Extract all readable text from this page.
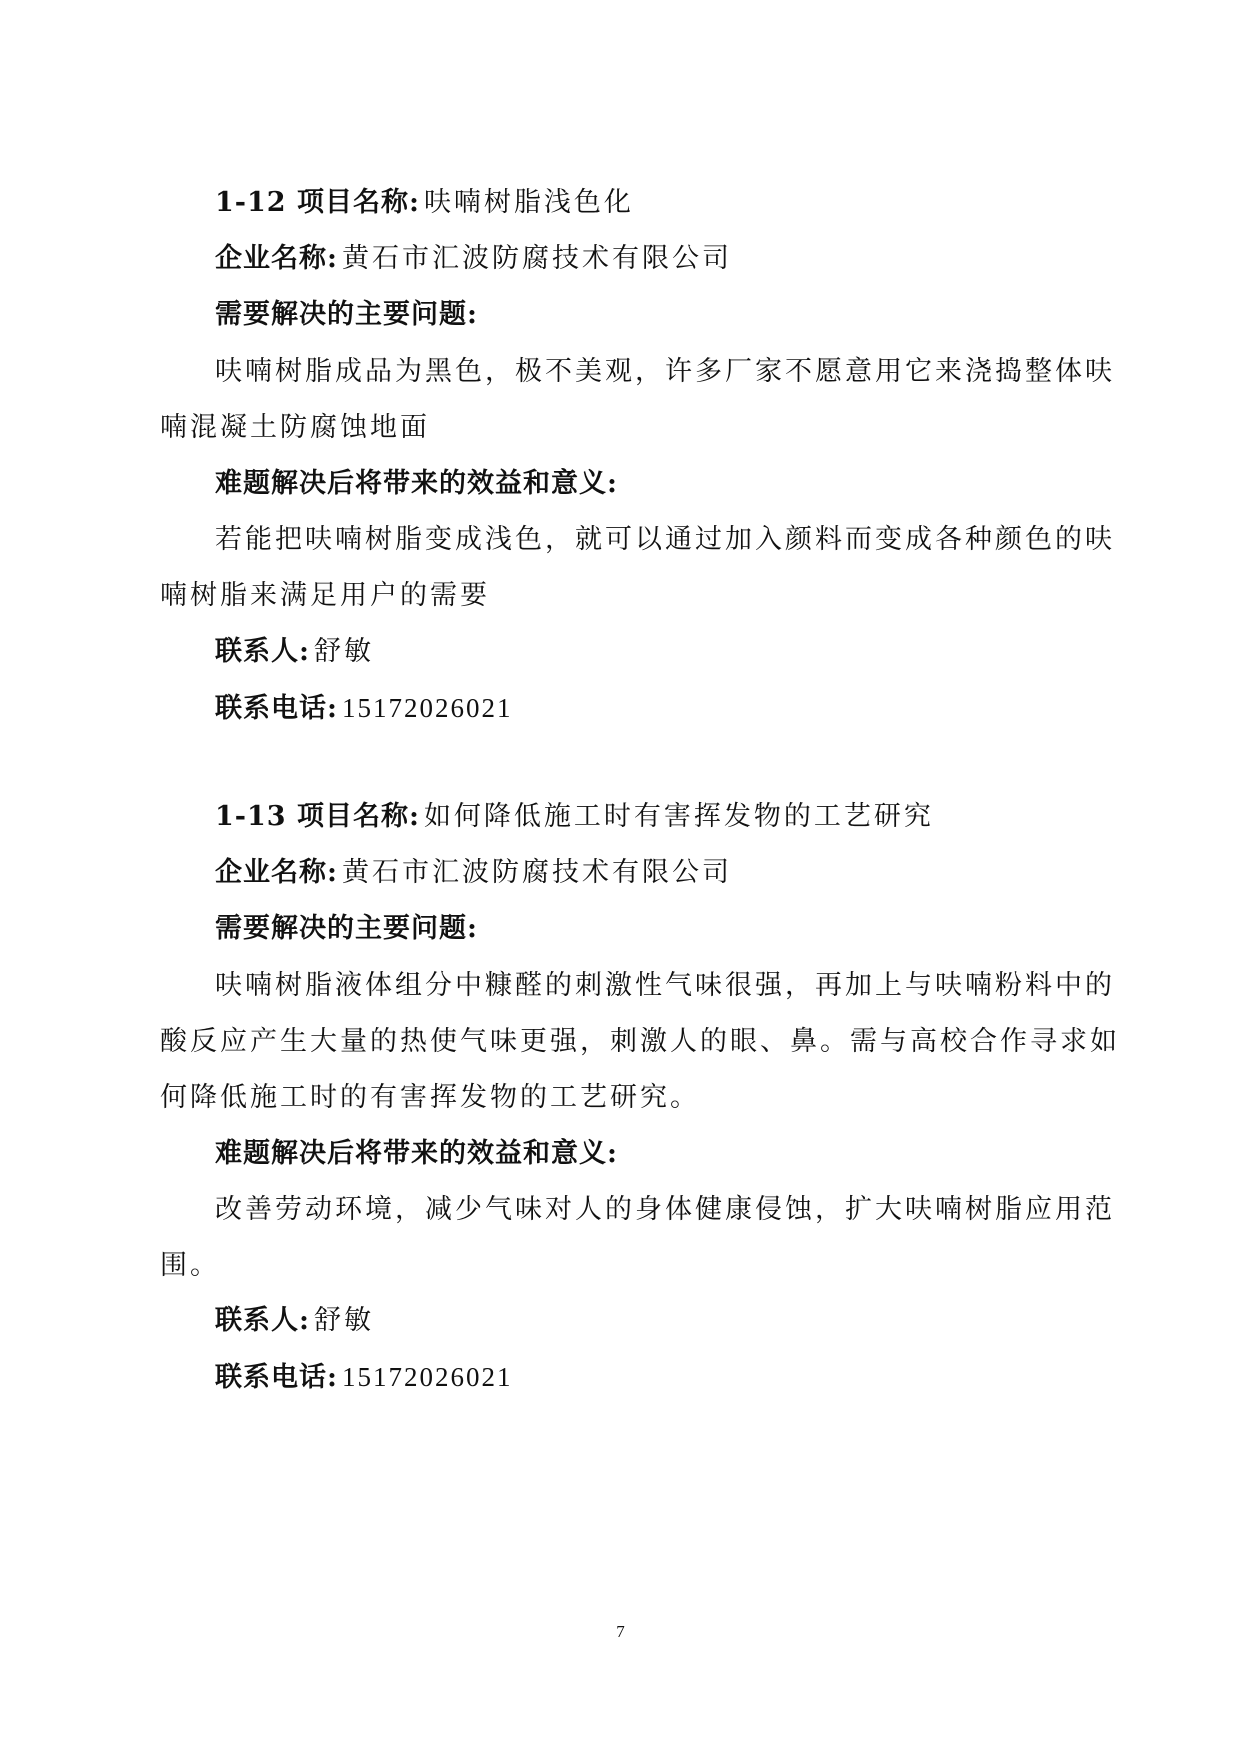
1-12 项目名称: 呋喃树脂浅色化
企业名称: 黄石市汇波防腐技术有限公司
需要解决的主要问题:
呋喃树脂成品为黑色，极不美观，许多厂家不愿意用它来浇捣整体呋
喃混凝土防腐蚀地面
难题解决后将带来的效益和意义:
若能把呋喃树脂变成浅色，就可以通过加入颜料而变成各种颜色的呋
喃树脂来满足用户的需要
联系人: 舒敏
联系电话: 15172026021
1-13 项目名称: 如何降低施工时有害挥发物的工艺研究
企业名称: 黄石市汇波防腐技术有限公司
需要解决的主要问题:
呋喃树脂液体组分中糠醛的刺激性气味很强，再加上与呋喃粉料中的
酸反应产生大量的热使气味更强，刺激人的眼、鼻。需与高校合作寻求如
何降低施工时的有害挥发物的工艺研究。
难题解决后将带来的效益和意义:
改善劳动环境，减少气味对人的身体健康侵蚀，扩大呋喃树脂应用范
围。
联系人: 舒敏
联系电话: 15172026021
7
